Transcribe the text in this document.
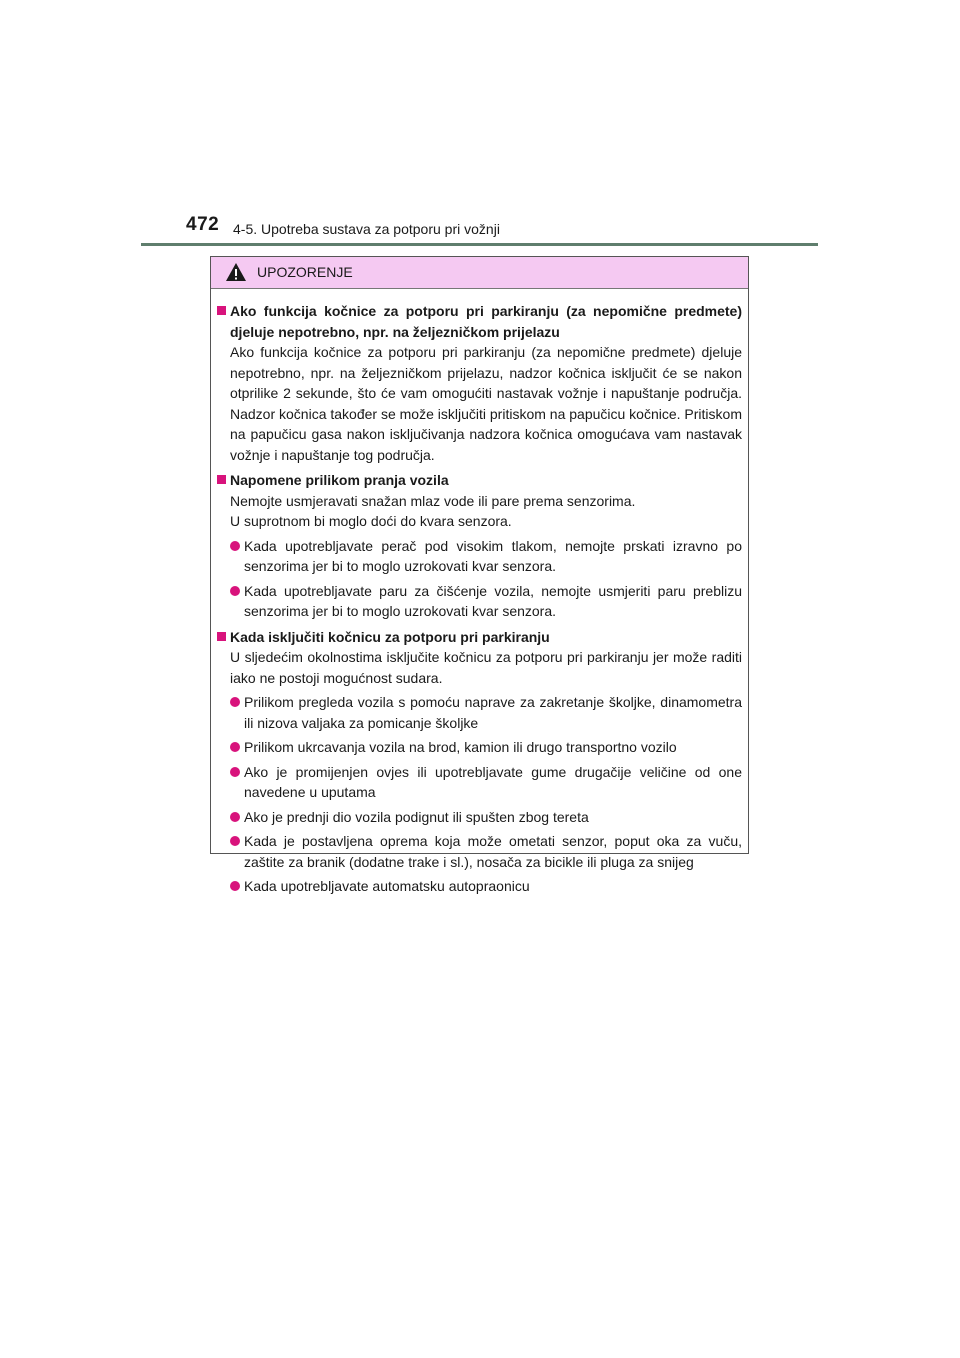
472 4-5. Upotreba sustava za potporu pri vožnji
UPOZORENJE
Ako funkcija kočnice za potporu pri parkiranju (za nepomične predmete) djeluje nepotrebno, npr. na željezničkom prijelazu
Ako funkcija kočnice za potporu pri parkiranju (za nepomične predmete) djeluje nepotrebno, npr. na željezničkom prijelazu, nadzor kočnica isključit će se nakon otprilike 2 sekunde, što će vam omogućiti nastavak vožnje i napuštanje područja. Nadzor kočnica također se može isključiti pritiskom na papučicu kočnice. Pritiskom na papučicu gasa nakon isključivanja nadzora kočnica omogućava vam nastavak vožnje i napuštanje tog područja.
Napomene prilikom pranja vozila
Nemojte usmjeravati snažan mlaz vode ili pare prema senzorima.
U suprotnom bi moglo doći do kvara senzora.
Kada upotrebljavate perač pod visokim tlakom, nemojte prskati izravno po senzorima jer bi to moglo uzrokovati kvar senzora.
Kada upotrebljavate paru za čišćenje vozila, nemojte usmjeriti paru preblizu senzorima jer bi to moglo uzrokovati kvar senzora.
Kada isključiti kočnicu za potporu pri parkiranju
U sljedećim okolnostima isključite kočnicu za potporu pri parkiranju jer može raditi iako ne postoji mogućnost sudara.
Prilikom pregleda vozila s pomoću naprave za zakretanje školjke, dinamometra ili nizova valjaka za pomicanje školjke
Prilikom ukrcavanja vozila na brod, kamion ili drugo transportno vozilo
Ako je promijenjen ovjes ili upotrebljavate gume drugačije veličine od one navedene u uputama
Ako je prednji dio vozila podignut ili spušten zbog tereta
Kada je postavljena oprema koja može ometati senzor, poput oka za vuču, zaštite za branik (dodatne trake i sl.), nosača za bicikle ili pluga za snijeg
Kada upotrebljavate automatsku autopraonicu
